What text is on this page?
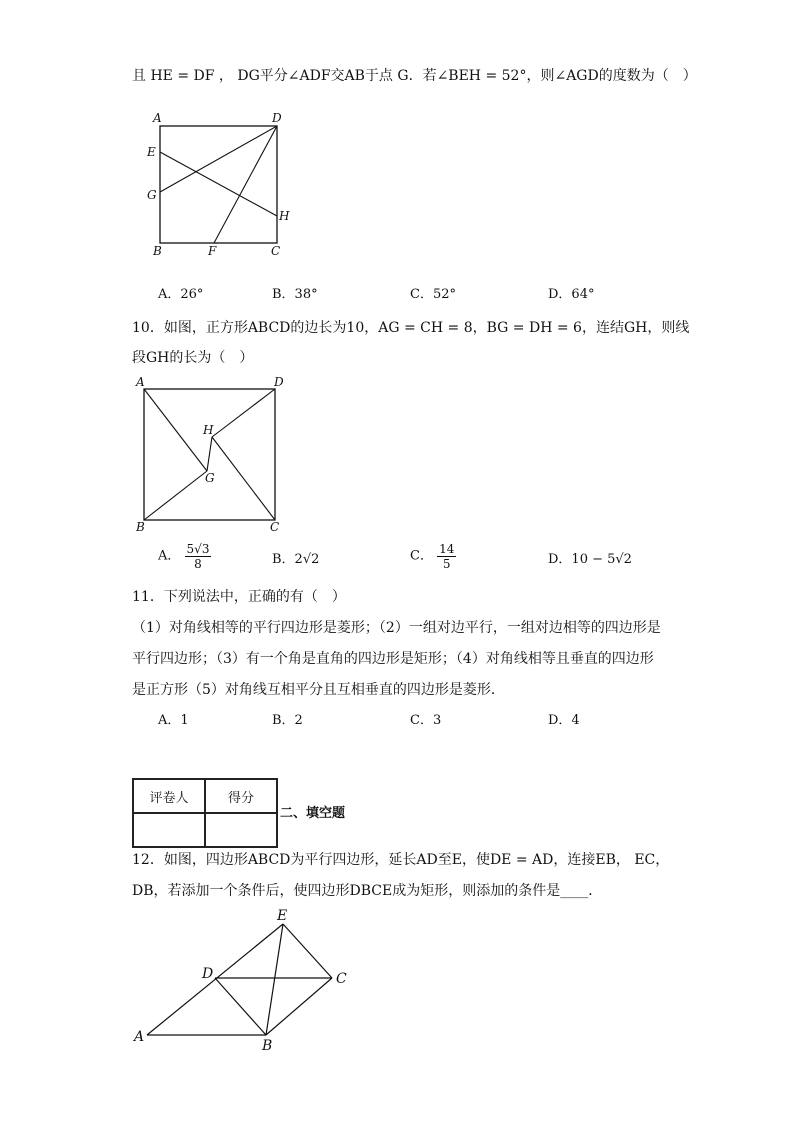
且 HE = DF ， DG平分∠ADF交AB于点 G．若∠BEH = 52°，则∠AGD的度数为（　）
A	D
E
G
H
B	F	C
A．26°	B．38°	C．52°	D．64°
10．如图，正方形ABCD的边长为10，AG = CH = 8，BG = DH = 6，连结GH，则线
段GH的长为（　）
A	D
H
G
B	C
A． $\frac{5√3}{8}$	B．2√2	C． $\frac{14}{5}$	D．10 − 5√2
11．下列说法中，正确的有（　）
（1）对角线相等的平行四边形是菱形；（2）一组对边平行，一组对边相等的四边形是
平行四边形；（3）有一个角是直角的四边形是矩形；（4）对角线相等且垂直的四边形
是正方形（5）对角线互相平分且互相垂直的四边形是菱形．
A．1	B．2	C．3	D．4
评卷人	得分

二、填空题
12．如图，四边形ABCD为平行四边形，延长AD至E，使DE = AD，连接EB， EC，
DB，若添加一个条件后，使四边形DBCE成为矩形，则添加的条件是____．
E
D	C
A
B
